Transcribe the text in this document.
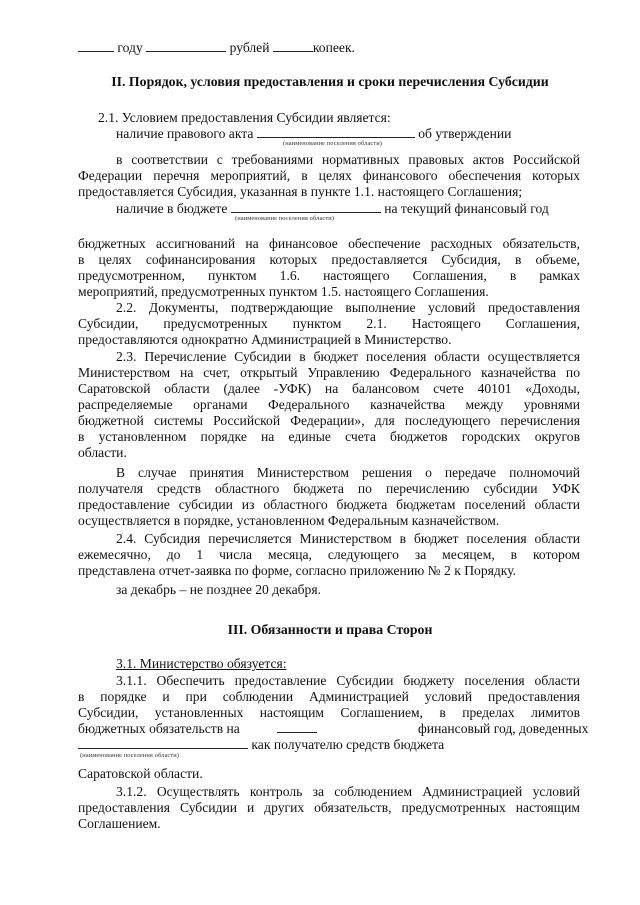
году	рублей	копеек.
II. Порядок, условия предоставления и сроки перечисления Субсидии
2.1. Условием предоставления Субсидии является:
наличие правового акта	об утверждении
(наименование поселения области)
в соответствии с требованиями нормативных правовых актов Российской
Федерации перечня мероприятий, в целях финансового обеспечения которых
предоставляется Субсидия, указанная в пункте 1.1. настоящего Соглашения;
наличие в бюджете	на текущий финансовый год
(наименование поселения области)
бюджетных ассигнований на финансовое обеспечение расходных обязательств,
в целях софинансирования которых предоставляется Субсидия, в объеме,
предусмотренном, пунктом 1.6. настоящего Соглашения, в рамках
мероприятий, предусмотренных пунктом 1.5. настоящего Соглашения.
2.2. Документы, подтверждающие выполнение условий предоставления
Субсидии, предусмотренных пунктом 2.1. Настоящего Соглашения,
предоставляются однократно Администрацией в Министерство.
2.3. Перечисление Субсидии в бюджет поселения области осуществляется
Министерством на счет, открытый Управлению Федерального казначейства по
Саратовской области (далее -УФК) на балансовом счете 40101 «Доходы,
распределяемые органами Федерального казначейства между уровнями
бюджетной системы Российской Федерации», для последующего перечисления
в установленном порядке на единые счета бюджетов городских округов
области.
В случае принятия Министерством решения о передаче полномочий
получателя средств областного бюджета по перечислению субсидии УФК
предоставление субсидии из областного бюджета бюджетам поселений области
осуществляется в порядке, установленном Федеральным казначейством.
2.4. Субсидия перечисляется Министерством в бюджет поселения области
ежемесячно, до 1 числа месяца, следующего за месяцем, в котором
представлена отчет-заявка по форме, согласно приложению № 2 к Порядку.
за декабрь – не позднее 20 декабря.
III. Обязанности и права Сторон
3.1. Министерство обязуется:
3.1.1. Обеспечить предоставление Субсидии бюджету поселения области
в порядке и при соблюдении Администрацией условий предоставления
Субсидии, установленных настоящим Соглашением, в пределах лимитов
бюджетных обязательств на	финансовый год, доведенных
как получателю средств бюджета
(наименование поселения области)
Саратовской области.
3.1.2. Осуществлять контроль за соблюдением Администрацией условий
предоставления Субсидии и других обязательств, предусмотренных настоящим
Соглашением.
